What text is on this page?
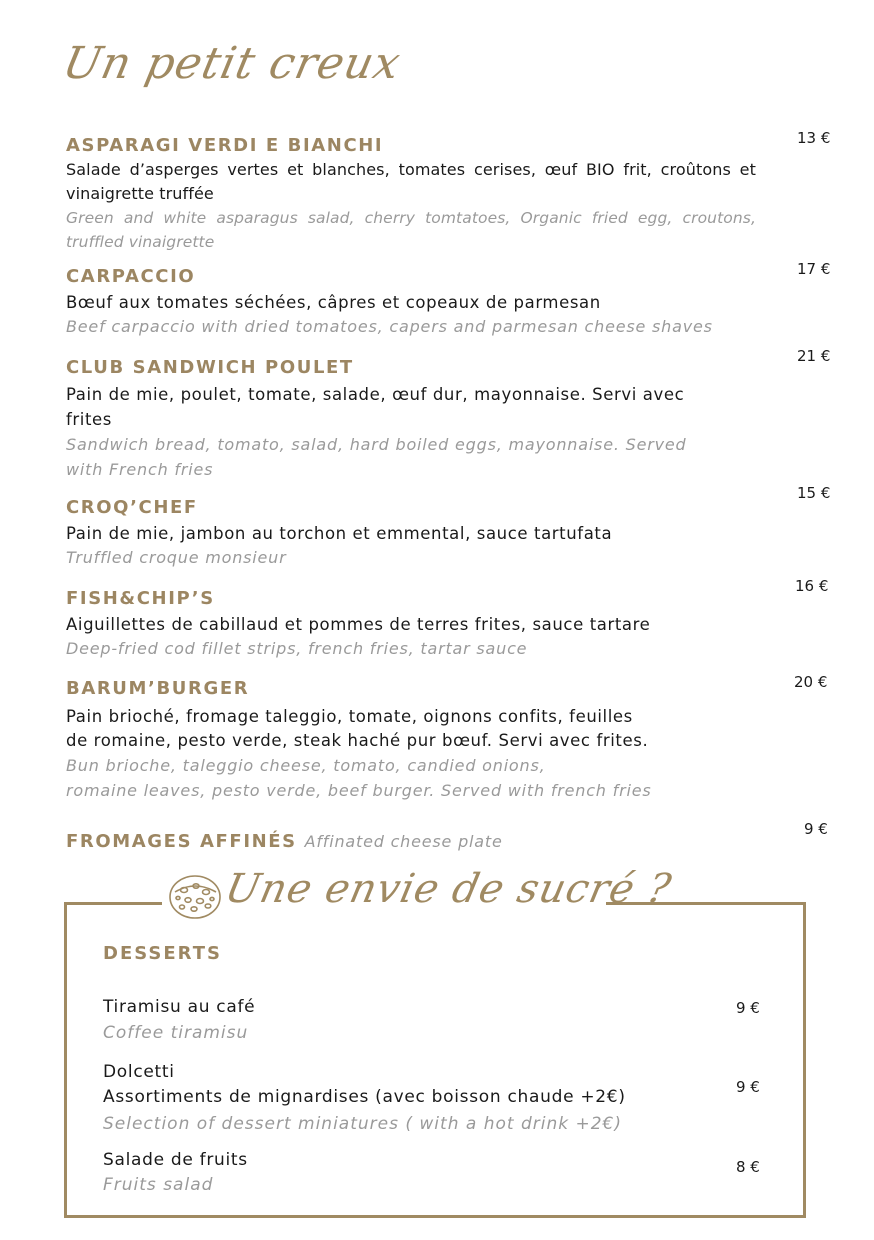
Un petit creux
ASPARAGI VERDI E BIANCHI
Salade d’asperges vertes et blanches, tomates cerises, œuf BIO frit, croûtons et vinaigrette truffée
Green and white asparagus salad, cherry tomtatoes, Organic fried egg, croutons, truffled vinaigrette
13 €
CARPACCIO
Bœuf aux tomates séchées, câpres et copeaux de parmesan
Beef carpaccio with dried tomatoes, capers and parmesan cheese shaves
17 €
CLUB SANDWICH POULET
Pain de mie, poulet, tomate, salade, œuf dur, mayonnaise. Servi avec frites
Sandwich bread, tomato, salad, hard boiled eggs, mayonnaise. Served with French fries
21 €
CROQ’CHEF
Pain de mie, jambon au torchon et emmental, sauce tartufata
Truffled croque monsieur
15 €
FISH&CHIP’S
Aiguillettes de cabillaud et pommes de terres frites, sauce tartare
Deep-fried cod fillet strips, french fries, tartar sauce
16 €
BARUM’BURGER
Pain brioché, fromage taleggio, tomate, oignons confits, feuilles
de romaine, pesto verde, steak haché pur bœuf. Servi avec frites.
Bun brioche, taleggio cheese, tomato, candied onions,
romaine leaves, pesto verde, beef burger. Served with french fries
20 €
FROMAGES AFFINÉS Affinated cheese plate
9 €
Une envie de sucré ?
DESSERTS
Tiramisu au café
Coffee tiramisu
9 €
Dolcetti
Assortiments de mignardises (avec boisson chaude +2€)
Selection of dessert miniatures ( with a hot drink +2€)
9 €
Salade de fruits
Fruits salad
8 €
